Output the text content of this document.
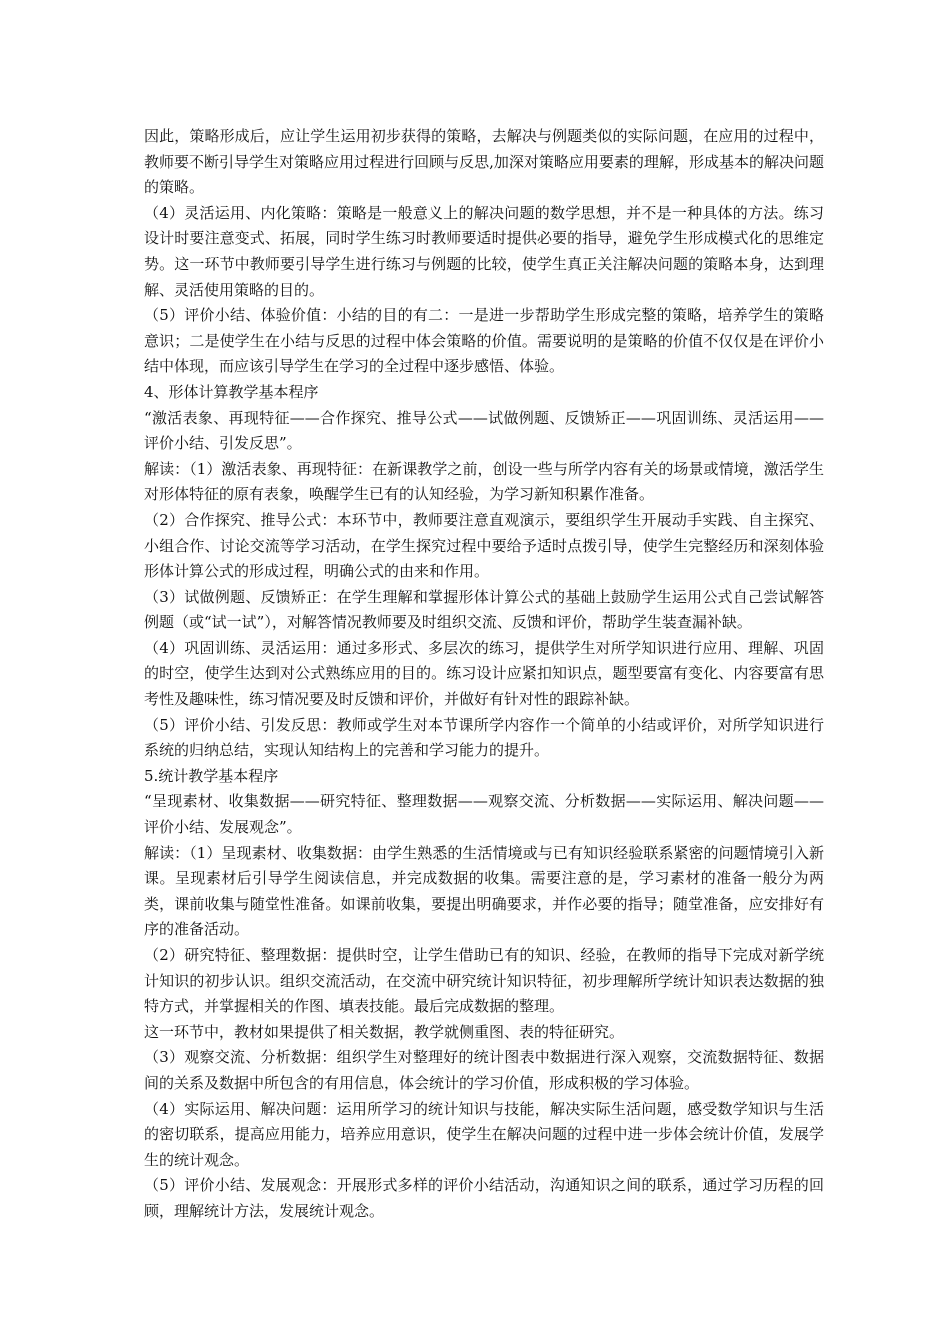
因此，策略形成后，应让学生运用初步获得的策略，去解决与例题类似的实际问题，在应用的过程中，教师要不断引导学生对策略应用过程进行回顾与反思,加深对策略应用要素的理解，形成基本的解决问题的策略。

（4）灵活运用、内化策略：策略是一般意义上的解决问题的数学思想，并不是一种具体的方法。练习设计时要注意变式、拓展，同时学生练习时教师要适时提供必要的指导，避免学生形成模式化的思维定势。这一环节中教师要引导学生进行练习与例题的比较，使学生真正关注解决问题的策略本身，达到理解、灵活使用策略的目的。

（5）评价小结、体验价值：小结的目的有二：一是进一步帮助学生形成完整的策略，培养学生的策略意识；二是使学生在小结与反思的过程中体会策略的价值。需要说明的是策略的价值不仅仅是在评价小结中体现，而应该引导学生在学习的全过程中逐步感悟、体验。

4、形体计算教学基本程序

“激活表象、再现特征——合作探究、推导公式——试做例题、反馈矫正——巩固训练、灵活运用——评价小结、引发反思”。

解读：（1）激活表象、再现特征：在新课教学之前，创设一些与所学内容有关的场景或情境，激活学生对形体特征的原有表象，唤醒学生已有的认知经验，为学习新知积累作准备。

（2）合作探究、推导公式：本环节中，教师要注意直观演示，要组织学生开展动手实践、自主探究、小组合作、讨论交流等学习活动，在学生探究过程中要给予适时点拨引导，使学生完整经历和深刻体验形体计算公式的形成过程，明确公式的由来和作用。

（3）试做例题、反馈矫正：在学生理解和掌握形体计算公式的基础上鼓励学生运用公式自己尝试解答例题（或“试一试”），对解答情况教师要及时组织交流、反馈和评价，帮助学生装查漏补缺。

（4）巩固训练、灵活运用：通过多形式、多层次的练习，提供学生对所学知识进行应用、理解、巩固的时空，使学生达到对公式熟练应用的目的。练习设计应紧扣知识点，题型要富有变化、内容要富有思考性及趣味性，练习情况要及时反馈和评价，并做好有针对性的跟踪补缺。

（5）评价小结、引发反思：教师或学生对本节课所学内容作一个简单的小结或评价，对所学知识进行系统的归纳总结，实现认知结构上的完善和学习能力的提升。

5.统计教学基本程序

“呈现素材、收集数据——研究特征、整理数据——观察交流、分析数据——实际运用、解决问题——评价小结、发展观念”。

解读：（1）呈现素材、收集数据：由学生熟悉的生活情境或与已有知识经验联系紧密的问题情境引入新课。呈现素材后引导学生阅读信息，并完成数据的收集。需要注意的是，学习素材的准备一般分为两类，课前收集与随堂性准备。如课前收集，要提出明确要求，并作必要的指导；随堂准备，应安排好有序的准备活动。

（2）研究特征、整理数据：提供时空，让学生借助已有的知识、经验，在教师的指导下完成对新学统计知识的初步认识。组织交流活动，在交流中研究统计知识特征，初步理解所学统计知识表达数据的独特方式，并掌握相关的作图、填表技能。最后完成数据的整理。

这一环节中，教材如果提供了相关数据，教学就侧重图、表的特征研究。

（3）观察交流、分析数据：组织学生对整理好的统计图表中数据进行深入观察，交流数据特征、数据间的关系及数据中所包含的有用信息，体会统计的学习价值，形成积极的学习体验。

（4）实际运用、解决问题：运用所学习的统计知识与技能，解决实际生活问题，感受数学知识与生活的密切联系，提高应用能力，培养应用意识，使学生在解决问题的过程中进一步体会统计价值，发展学生的统计观念。

（5）评价小结、发展观念：开展形式多样的评价小结活动，沟通知识之间的联系，通过学习历程的回顾，理解统计方法，发展统计观念。
